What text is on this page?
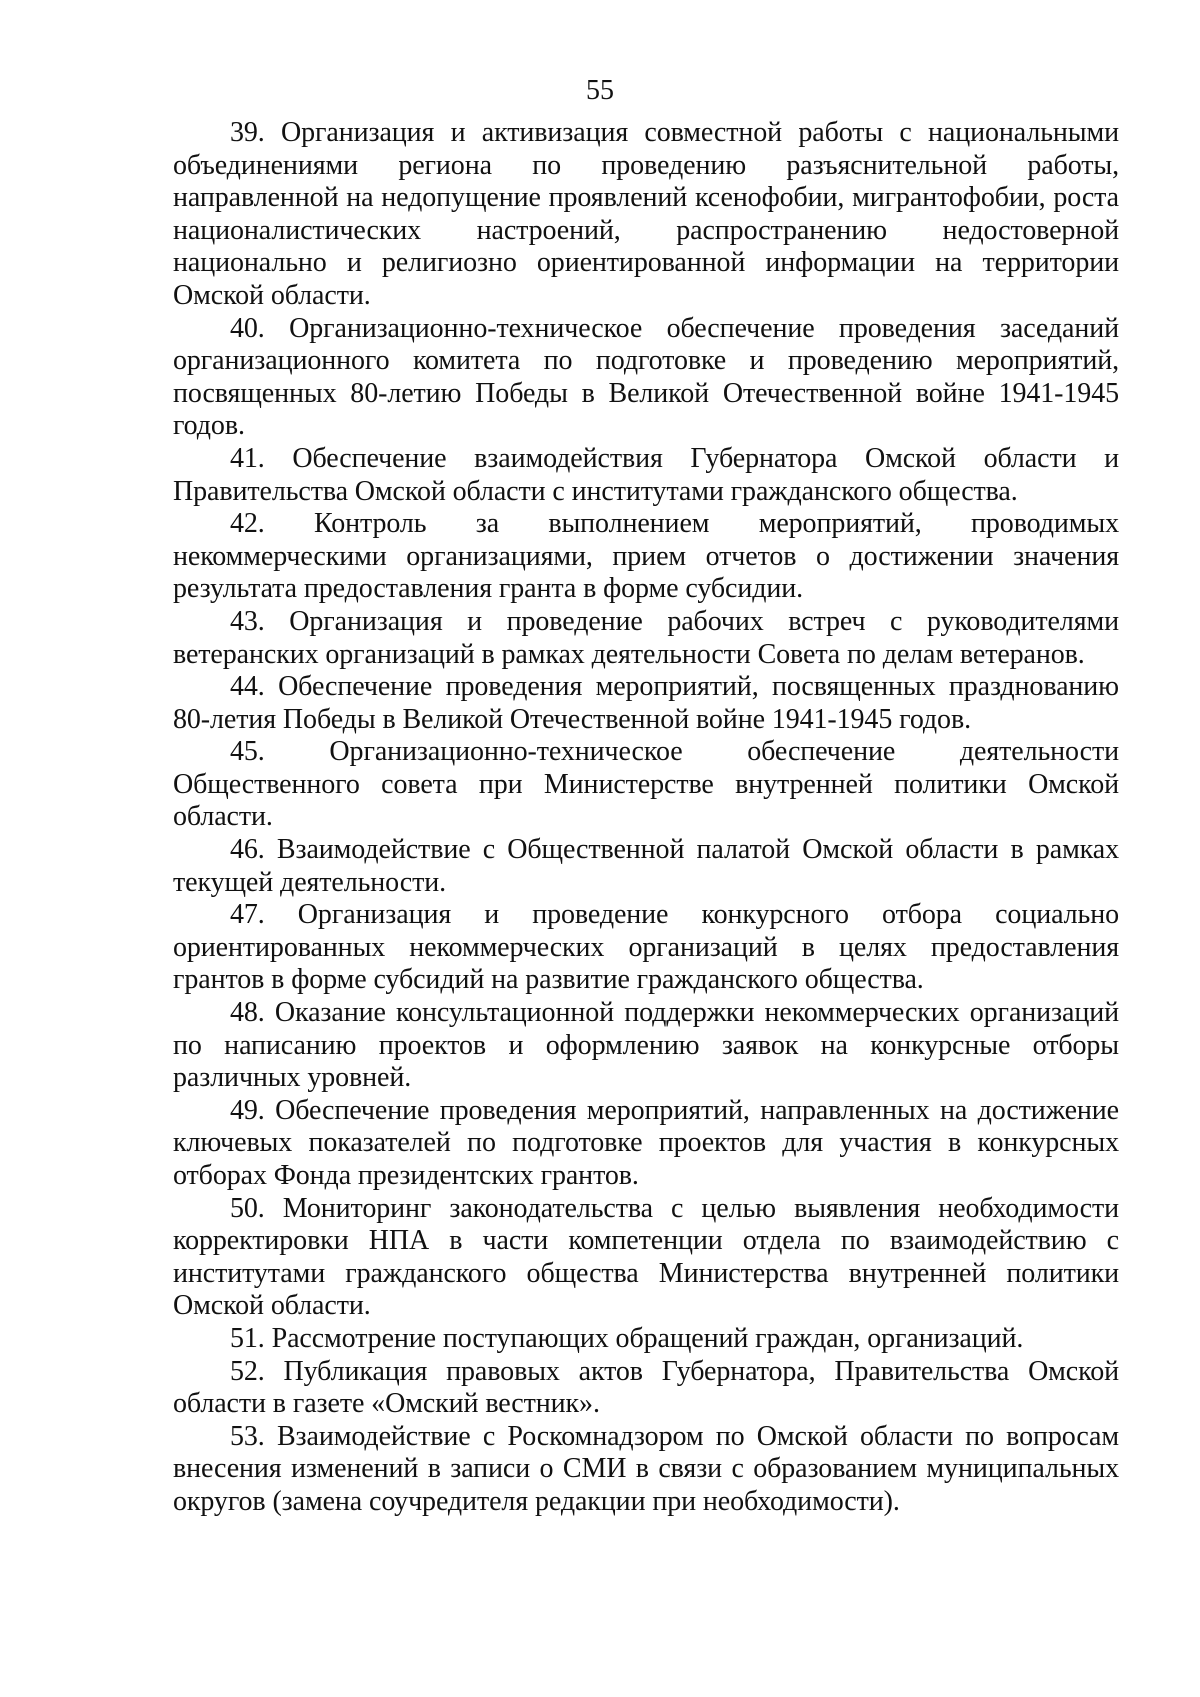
55

39. Организация и активизация совместной работы с национальными объединениями региона по проведению разъяснительной работы, направленной на недопущение проявлений ксенофобии, мигрантофобии, роста националистических настроений, распространению недостоверной национально и религиозно ориентированной информации на территории Омской области.

40. Организационно-техническое обеспечение проведения заседаний организационного комитета по подготовке и проведению мероприятий, посвященных 80-летию Победы в Великой Отечественной войне 1941-1945 годов.

41. Обеспечение взаимодействия Губернатора Омской области и Правительства Омской области с институтами гражданского общества.

42. Контроль за выполнением мероприятий, проводимых некоммерческими организациями, прием отчетов о достижении значения результата предоставления гранта в форме субсидии.

43. Организация и проведение рабочих встреч с руководителями ветеранских организаций в рамках деятельности Совета по делам ветеранов.

44. Обеспечение проведения мероприятий, посвященных празднованию 80-летия Победы в Великой Отечественной войне 1941-1945 годов.

45. Организационно-техническое обеспечение деятельности Общественного совета при Министерстве внутренней политики Омской области.

46. Взаимодействие с Общественной палатой Омской области в рамках текущей деятельности.

47. Организация и проведение конкурсного отбора социально ориентированных некоммерческих организаций в целях предоставления грантов в форме субсидий на развитие гражданского общества.

48. Оказание консультационной поддержки некоммерческих организаций по написанию проектов и оформлению заявок на конкурсные отборы различных уровней.

49. Обеспечение проведения мероприятий, направленных на достижение ключевых показателей по подготовке проектов для участия в конкурсных отборах Фонда президентских грантов.

50. Мониторинг законодательства с целью выявления необходимости корректировки НПА в части компетенции отдела по взаимодействию с институтами гражданского общества Министерства внутренней политики Омской области.

51. Рассмотрение поступающих обращений граждан, организаций.

52. Публикация правовых актов Губернатора, Правительства Омской области в газете «Омский вестник».

53. Взаимодействие с Роскомнадзором по Омской области по вопросам внесения изменений в записи о СМИ в связи с образованием муниципальных округов (замена соучредителя редакции при необходимости).
